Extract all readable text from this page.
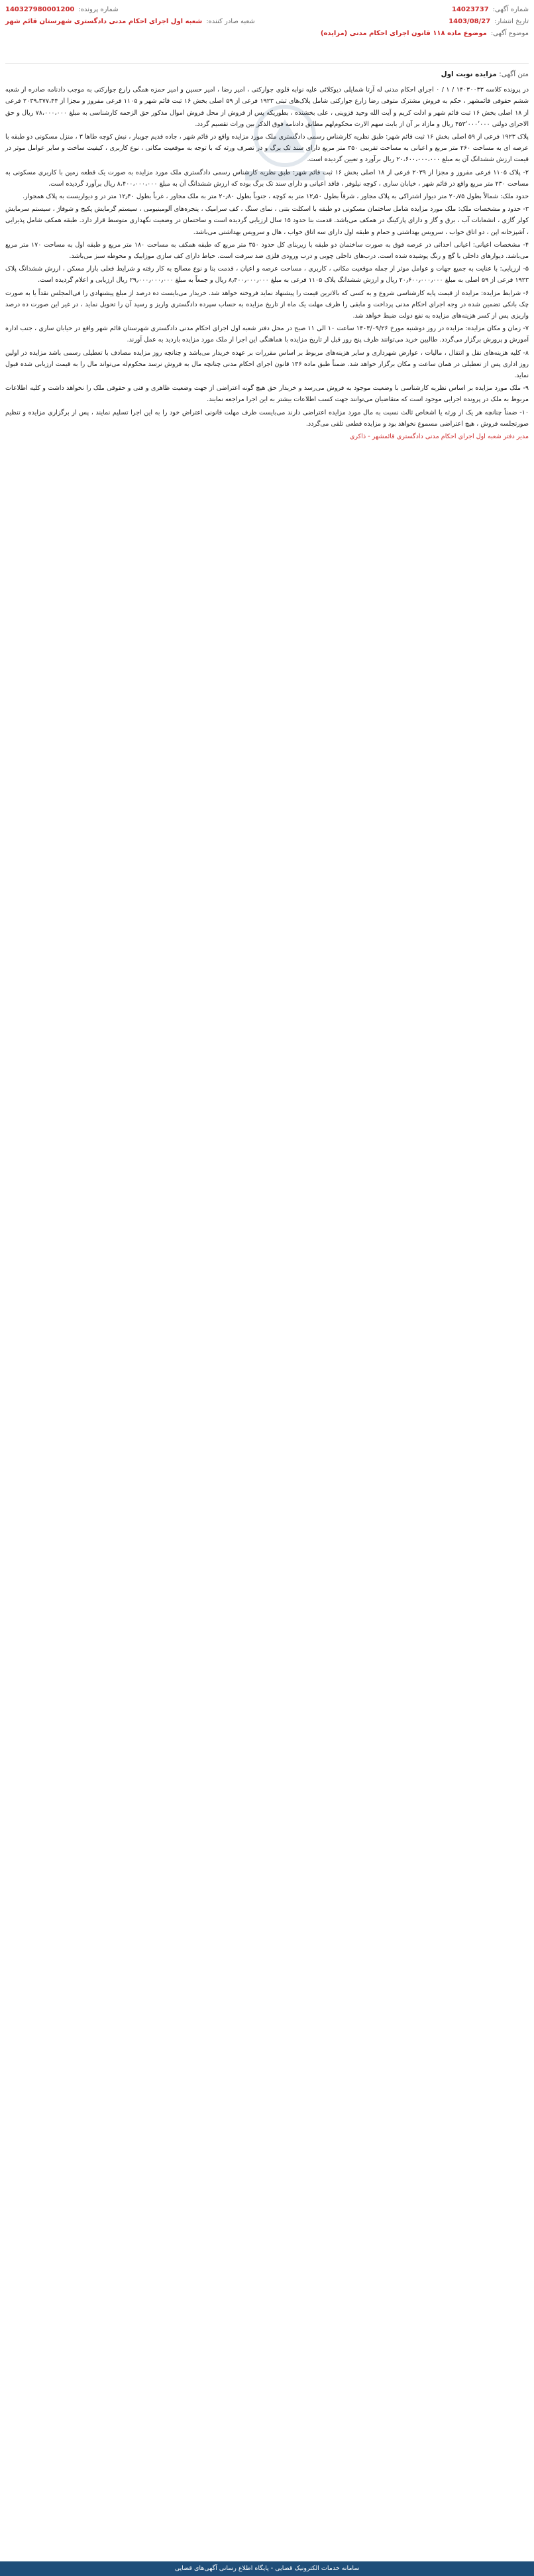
شماره آگهی:
14023737
شماره پرونده:
140327980001200
تاریخ انتشار:
1403/08/27
شعبه صادر کننده:
شعبه اول اجرای احکام مدنی دادگستری شهرستان قائم شهر
موضوع آگهی:
موضوع ماده ۱۱۸ قانون اجرای احکام مدنی (مزایده)
متن آگهی: مزایده نوبت اول

در پرونده کلاسه ۱۴۰۳۰۰۳۳ / ۱ / ۰ اجرای احکام مدنی له آرتا شمایلی دیوکلائی علیه نوابه قلوی جوارکتی ، امیر رضا ، امیر حسین و امیر حمزه همگی زارع جوارکتی به موجب دادنامه صادره از شعبه ششم حقوقی قائمشهر ، حکم به فروش مشترک متوفی رضا زارع جوارکتی شامل پلاک‌های ثبتی ۱۹۲۳ فرعی از ۵۹ اصلی بخش ۱۶ ثبت قائم شهر و ۱۱۰۵ فرعی مفروز و مجزا از ۲۰۳۹،۳۷۷،۴۴ فرعی از ۱۸ اصلی بخش ۱۶ ثبت قائم شهر و ادلت کریم و آیت الله وحید قزوینی ، علی بخشنده ، بطوریکه پس از فروش از محل فروش اموال مذکور حق الزحمه کارشناسی به مبلغ ۷۸،۰۰۰،۰۰۰ ریال و حق الاجرای دولتی ۴۵۳٬۰۰۰٬۰۰۰ ریال و مازاد بر آن از بابت سهم الارث محکوم‌لهم مطابق دادنامه فوق الذکر بین وراث تقسیم گردد.

پلاک ۱۹۲۳ فرعی از ۵۹ اصلی بخش ۱۶ ثبت قائم شهر: طبق نظریه کارشناس رسمی دادگستری ملک مورد مزایده واقع در قائم شهر ، جاده قدیم جویبار ، نبش کوچه طاها ۳ ، منزل مسکونی دو طبقه با عرصه ای به مساحت ۲۶۰ متر مربع و اعیانی به مساحت تقریبی ۳۵۰ متر مربع دارای سند تک برگ و در تصرف ورثه که با توجه به موقعیت مکانی ، نوع کاربری ، کیفیت ساخت و سایر عوامل موثر در قیمت ارزش ششدانگ آن به مبلغ ۲۰،۶۰۰،۰۰۰،۰۰۰ ریال برآورد و تعیین گردیده است.

۲- پلاک ۱۱۰۵ فرعی مفروز و مجزا از ۲۰۳۹ فرعی از ۱۸ اصلی بخش ۱۶ ثبت قائم شهر: طبق نظریه کارشناس رسمی دادگستری ملک مورد مزایده به صورت یک قطعه زمین با کاربری مسکونی به مساحت ۲۳۰ متر مربع واقع در قائم شهر ، خیابان ساری ، کوچه نیلوفر ، فاقد اعیانی و دارای سند تک برگ بوده که ارزش ششدانگ آن به مبلغ ۸،۴۰۰،۰۰۰،۰۰۰ ریال برآورد گردیده است.

حدود ملک: شمالاً بطول ۲۰٫۷۵ متر دیوار اشتراکی به پلاک مجاور ، شرقاً بطول ۱۲٫۵۰ متر به کوچه ، جنوباً بطول ۲۰٫۸۰ متر به ملک مجاور ، غرباً بطول ۱۲٫۴۰ متر در و دیواریست به پلاک همجوار.

۳- حدود و مشخصات ملک: ملک مورد مزایده شامل ساختمان مسکونی دو طبقه با اسکلت بتنی ، نمای سنگ ، کف سرامیک ، پنجره‌های آلومینیومی ، سیستم گرمایش پکیج و شوفاژ ، سیستم سرمایش کولر گازی ، انشعابات آب ، برق و گاز و دارای پارکینگ در همکف می‌باشد. قدمت بنا حدود ۱۵ سال ارزیابی گردیده است و ساختمان در وضعیت نگهداری متوسط قرار دارد. طبقه همکف شامل پذیرایی ، آشپزخانه اپن ، دو اتاق خواب ، سرویس بهداشتی و حمام و طبقه اول دارای سه اتاق خواب ، هال و سرویس بهداشتی می‌باشد.

۴- مشخصات اعیانی: اعیانی احداثی در عرصه فوق به صورت ساختمان دو طبقه با زیربنای کل حدود ۳۵۰ متر مربع که طبقه همکف به مساحت ۱۸۰ متر مربع و طبقه اول به مساحت ۱۷۰ متر مربع می‌باشد. دیوارهای داخلی با گچ و رنگ پوشیده شده است. درب‌های داخلی چوبی و درب ورودی فلزی ضد سرقت است. حیاط دارای کف سازی موزاییک و محوطه سبز می‌باشد.

۵- ارزیابی: با عنایت به جمیع جهات و عوامل موثر از جمله موقعیت مکانی ، کاربری ، مساحت عرصه و اعیان ، قدمت بنا و نوع مصالح به کار رفته و شرایط فعلی بازار مسکن ، ارزش ششدانگ پلاک ۱۹۲۳ فرعی از ۵۹ اصلی به مبلغ ۲۰٫۶۰۰٫۰۰۰٫۰۰۰ ریال و ارزش ششدانگ پلاک ۱۱۰۵ فرعی به مبلغ ۸٫۴۰۰٫۰۰۰٫۰۰۰ ریال و جمعاً به مبلغ ۲۹٫۰۰۰٫۰۰۰٫۰۰۰ ریال ارزیابی و اعلام گردیده است.

۶- شرایط مزایده: مزایده از قیمت پایه کارشناسی شروع و به کسی که بالاترین قیمت را پیشنهاد نماید فروخته خواهد شد. خریدار می‌بایست ده درصد از مبلغ پیشنهادی را فی‌المجلس نقداً یا به صورت چک بانکی تضمین شده در وجه اجرای احکام مدنی پرداخت و مابقی را ظرف مهلت یک ماه از تاریخ مزایده به حساب سپرده دادگستری واریز و رسید آن را تحویل نماید ، در غیر این صورت ده درصد واریزی پس از کسر هزینه‌های مزایده به نفع دولت ضبط خواهد شد.

۷- زمان و مکان مزایده: مزایده در روز دوشنبه مورخ ۱۴۰۳/۰۹/۲۶ ساعت ۱۰ الی ۱۱ صبح در محل دفتر شعبه اول اجرای احکام مدنی دادگستری شهرستان قائم شهر واقع در خیابان ساری ، جنب اداره آموزش و پرورش برگزار می‌گردد. طالبین خرید می‌توانند ظرف پنج روز قبل از تاریخ مزایده با هماهنگی این اجرا از ملک مورد مزایده بازدید به عمل آورند.

۸- کلیه هزینه‌های نقل و انتقال ، مالیات ، عوارض شهرداری و سایر هزینه‌های مربوط بر اساس مقررات بر عهده خریدار می‌باشد و چنانچه روز مزایده مصادف با تعطیلی رسمی باشد مزایده در اولین روز اداری پس از تعطیلی در همان ساعت و مکان برگزار خواهد شد. ضمناً طبق ماده ۱۳۶ قانون اجرای احکام مدنی چنانچه مال به فروش نرسد محکوم‌له می‌تواند مال را به قیمت ارزیابی شده قبول نماید.

۹- ملک مورد مزایده بر اساس نظریه کارشناسی با وضعیت موجود به فروش می‌رسد و خریدار حق هیچ گونه اعتراضی از جهت وضعیت ظاهری و فنی و حقوقی ملک را نخواهد داشت و کلیه اطلاعات مربوط به ملک در پرونده اجرایی موجود است که متقاضیان می‌توانند جهت کسب اطلاعات بیشتر به این اجرا مراجعه نمایند.

۱۰- ضمناً چنانچه هر یک از ورثه یا اشخاص ثالث نسبت به مال مورد مزایده اعتراضی دارند می‌بایست ظرف مهلت قانونی اعتراض خود را به این اجرا تسلیم نمایند ، پس از برگزاری مزایده و تنظیم صورتجلسه فروش ، هیچ اعتراضی مسموع نخواهد بود و مزایده قطعی تلقی می‌گردد.

مدیر دفتر شعبه اول اجرای احکام مدنی دادگستری قائمشهر - ذاکری

سامانه خدمات الکترونیک قضایی - پایگاه اطلاع رسانی آگهی‌های قضایی
